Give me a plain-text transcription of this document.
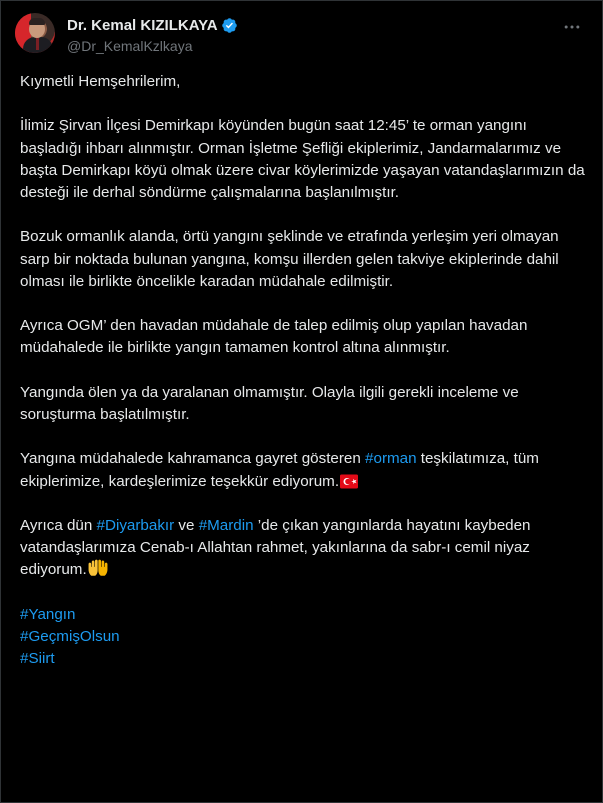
Dr. Kemal KIZILKAYA
@Dr_KemalKzlkaya

Kıymetli Hemşehrilerim,

İlimiz Şirvan İlçesi Demirkapı köyünden bugün saat 12:45’ te orman yangını başladığı ihbarı alınmıştır. Orman İşletme Şefliği ekiplerimiz, Jandarmalarımız ve başta Demirkapı köyü olmak üzere civar köylerimizde yaşayan vatandaşlarımızın da desteği ile derhal söndürme çalışmalarına başlanılmıştır.

Bozuk ormanlık alanda, örtü yangını şeklinde ve etrafında yerleşim yeri olmayan sarp bir noktada bulunan yangına, komşu illerden gelen takviye ekiplerinde dahil olması ile birlikte öncelikle karadan müdahale edilmiştir.

Ayrıca OGM’ den havadan müdahale de talep edilmiş olup yapılan havadan müdahalede ile birlikte yangın tamamen kontrol altına alınmıştır.

Yangında ölen ya da yaralanan olmamıştır. Olayla ilgili gerekli inceleme ve soruşturma başlatılmıştır.

Yangına müdahalede kahramanca gayret gösteren #orman teşkilatımıza, tüm ekiplerimize, kardeşlerimize teşekkür ediyorum.

Ayrıca dün #Diyarbakır ve #Mardin ’de çıkan yangınlarda hayatını kaybeden vatandaşlarımıza Cenab-ı Allahtan rahmet, yakınlarına da sabr-ı cemil niyaz ediyorum.

#Yangın

#GeçmişOlsun

#Siirt
